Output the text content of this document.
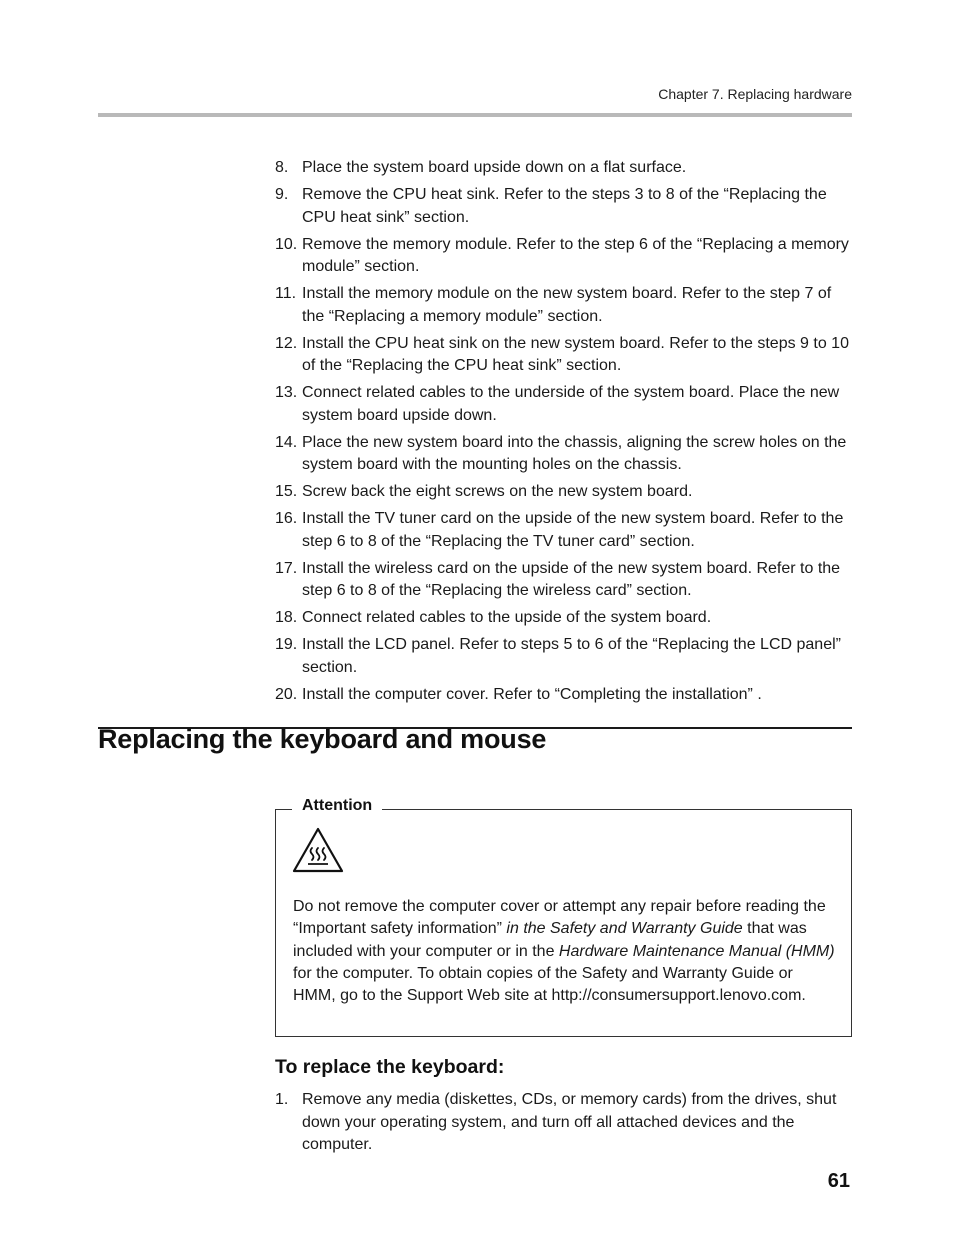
Chapter 7. Replacing hardware
8. Place the system board upside down on a flat surface.
9. Remove the CPU heat sink. Refer to the steps 3 to 8 of the “Replacing the CPU heat sink” section.
10. Remove the memory module. Refer to the step 6 of the “Replacing a memory module” section.
11. Install the memory module on the new system board. Refer to the step 7 of the “Replacing a memory module” section.
12. Install the CPU heat sink on the new system board. Refer to the steps 9 to 10 of the “Replacing the CPU heat sink” section.
13. Connect related cables to the underside of the system board. Place the new system board upside down.
14. Place the new system board into the chassis, aligning the screw holes on the system board with the mounting holes on the chassis.
15. Screw back the eight screws on the new system board.
16. Install the TV tuner card on the upside of the new system board. Refer to the step 6 to 8 of the “Replacing the TV tuner card” section.
17. Install the wireless card on the upside of the new system board. Refer to the step 6 to 8 of the “Replacing the wireless card” section.
18. Connect related cables to the upside of the system board.
19. Install the LCD panel. Refer to steps 5 to 6 of the “Replacing the LCD panel” section.
20. Install the computer cover. Refer to “Completing the installation” .
Replacing the keyboard and mouse
Attention
Do not remove the computer cover or attempt any repair before reading the “Important safety information” in the Safety and Warranty Guide that was included with your computer or in the Hardware Maintenance Manual (HMM) for the computer. To obtain copies of the Safety and Warranty Guide or HMM, go to the Support Web site at http://consumersupport.lenovo.com.
To replace the keyboard:
1. Remove any media (diskettes, CDs, or memory cards) from the drives, shut down your operating system, and turn off all attached devices and the computer.
61
